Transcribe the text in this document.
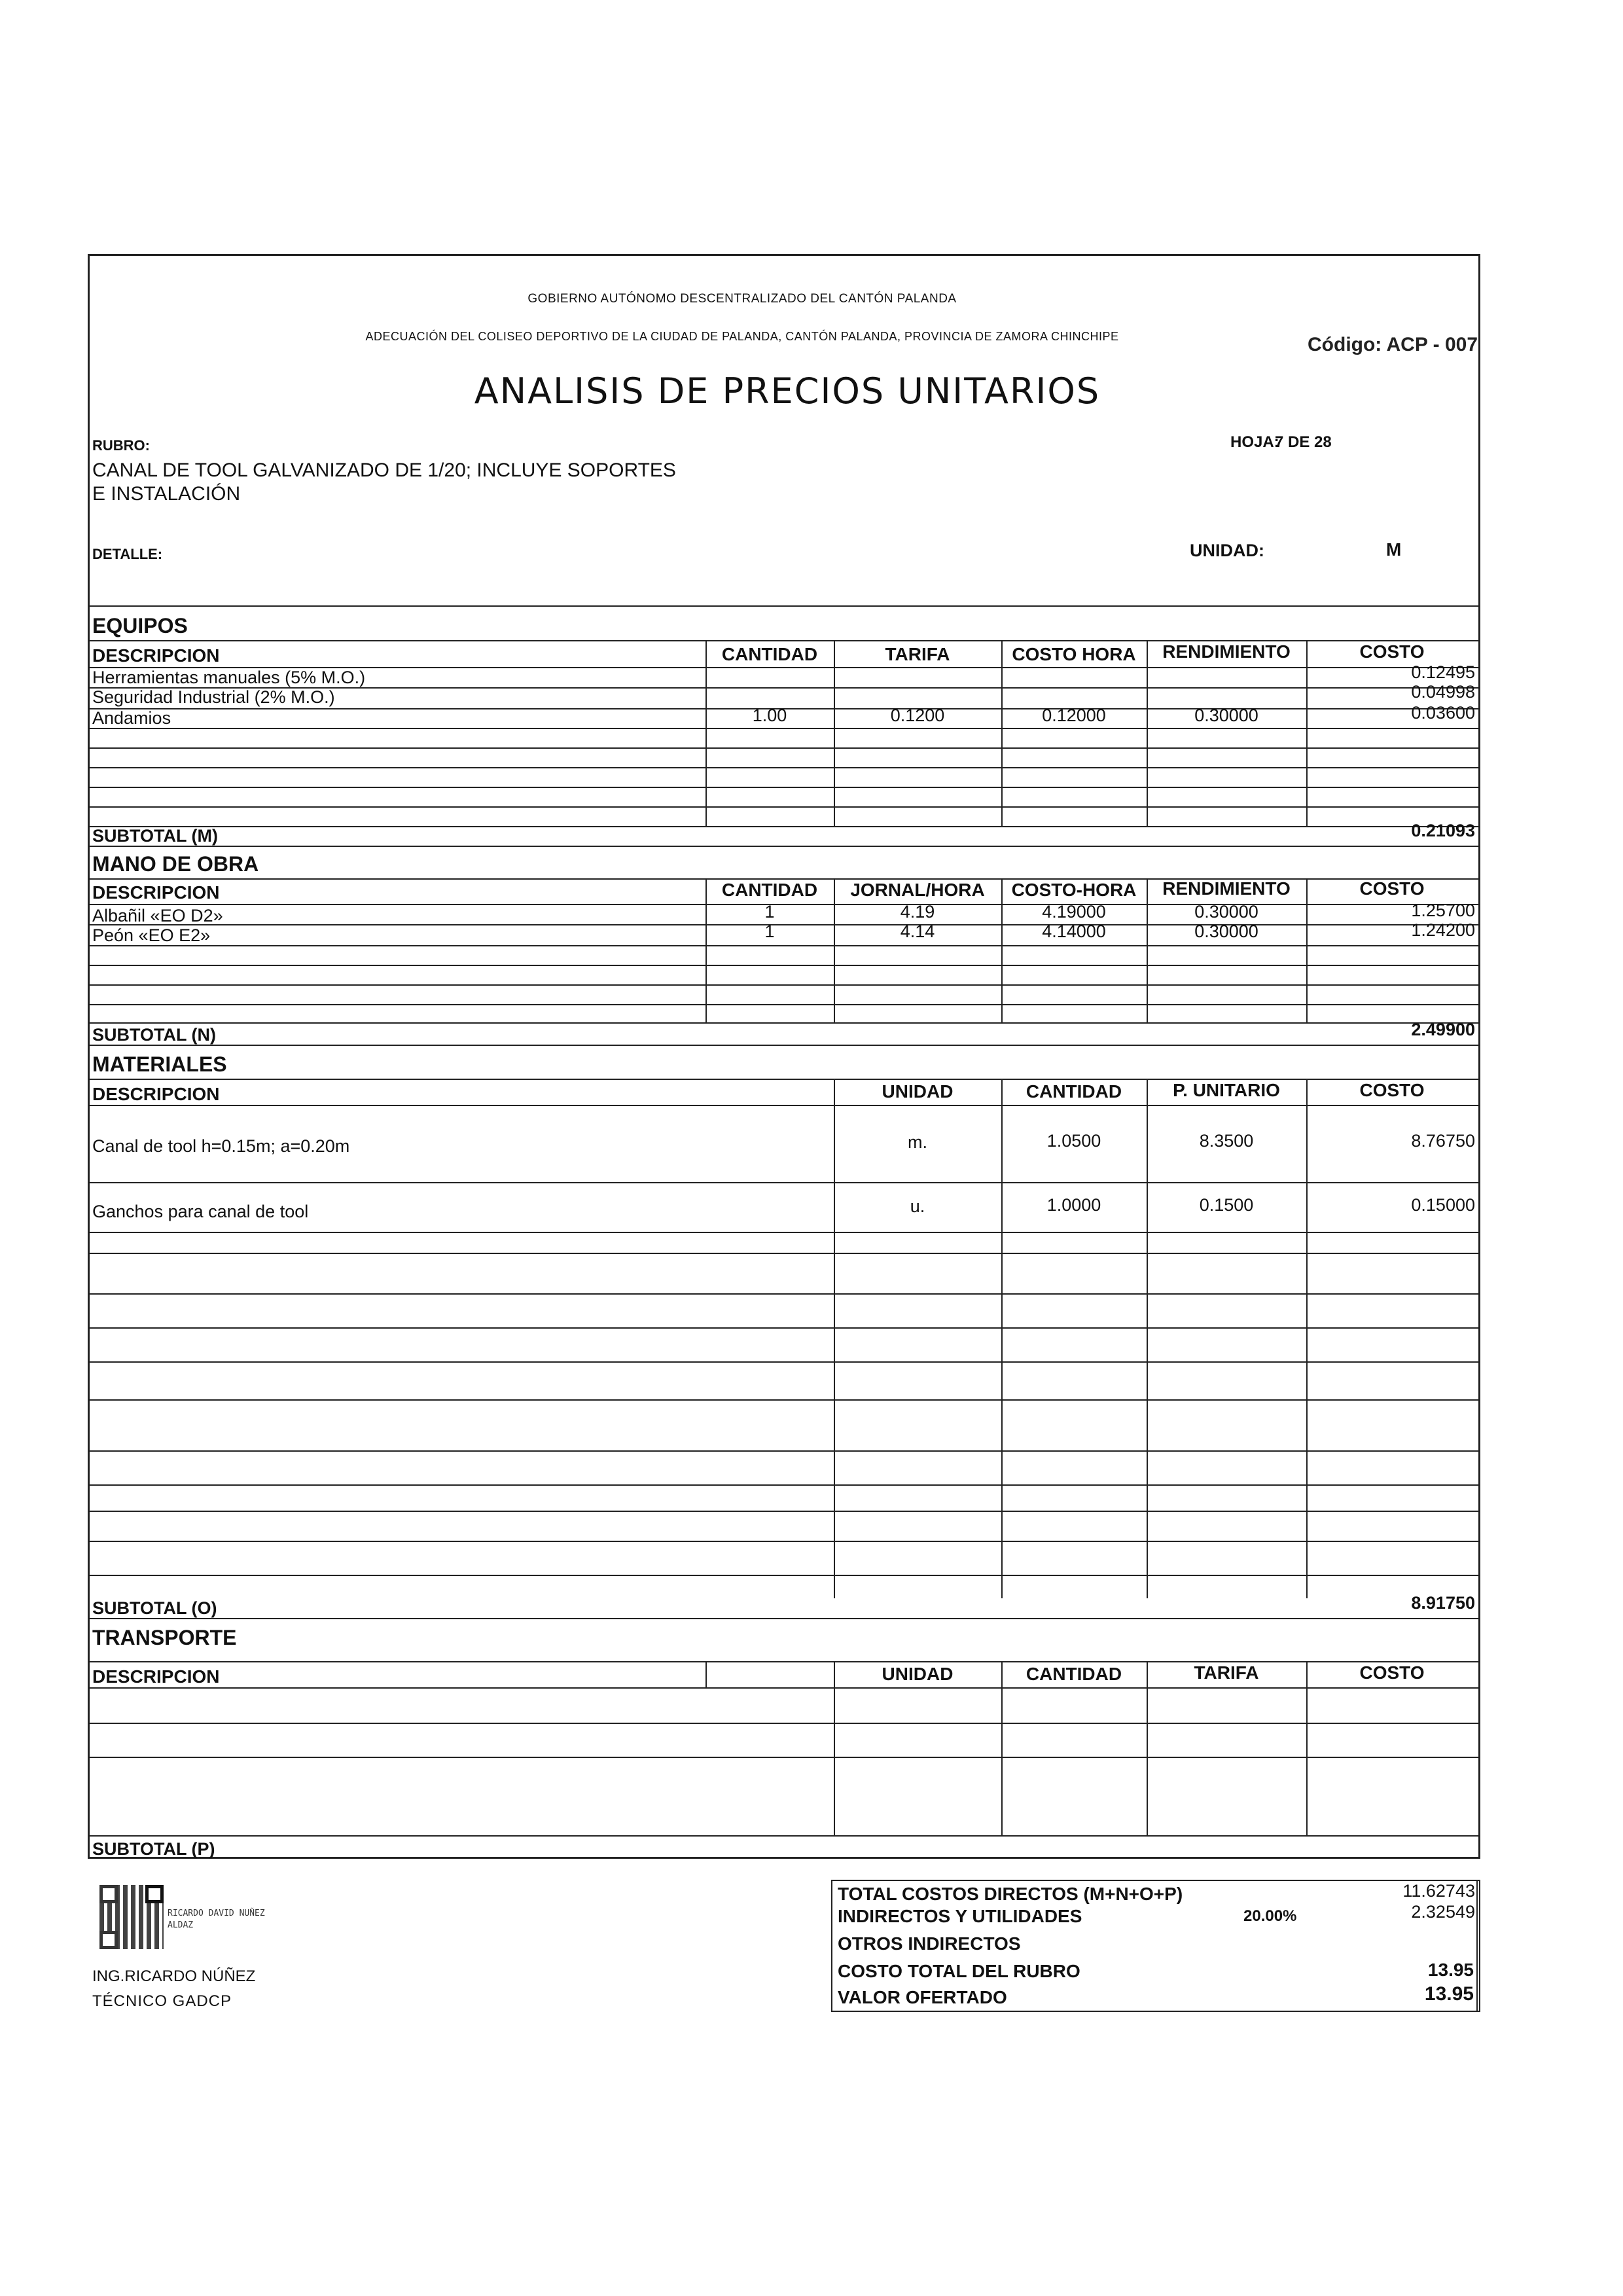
GOBIERNO AUTÓNOMO DESCENTRALIZADO DEL CANTÓN PALANDA
ADECUACIÓN DEL COLISEO DEPORTIVO DE LA CIUDAD DE PALANDA, CANTÓN PALANDA, PROVINCIA DE ZAMORA CHINCHIPE	Código: ACP - 007
ANALISIS DE PRECIOS UNITARIOS
RUBRO:	HOJA:
7 DE 28
CANAL DE TOOL GALVANIZADO DE 1/20; INCLUYE SOPORTES
E INSTALACIÓN
DETALLE:	UNIDAD:	M
EQUIPOS
DESCRIPCION	CANTIDAD	TARIFA	COSTO HORA	RENDIMIENTO	COSTO
Herramientas manuales (5% M.O.)	0.12495
Seguridad Industrial (2% M.O.)	0.04998
Andamios	1.00	0.1200	0.12000	0.30000	0.03600
SUBTOTAL (M)	0.21093
MANO DE OBRA
DESCRIPCION	CANTIDAD	JORNAL/HORA	COSTO-HORA	RENDIMIENTO	COSTO
Albañil «EO D2»	1	4.19	4.19000	0.30000	1.25700
Peón «EO E2»	1	4.14	4.14000	0.30000	1.24200
SUBTOTAL (N)	2.49900
MATERIALES
DESCRIPCION	UNIDAD	CANTIDAD	P. UNITARIO	COSTO
Canal de tool h=0.15m; a=0.20m	m.	1.0500	8.3500	8.76750
Ganchos para canal de tool	u.	1.0000	0.1500	0.15000
SUBTOTAL (O)	8.91750
TRANSPORTE
DESCRIPCION	UNIDAD	CANTIDAD	TARIFA	COSTO
SUBTOTAL (P)
TOTAL COSTOS DIRECTOS (M+N+O+P)	11.62743
INDIRECTOS Y UTILIDADES	20.00%	2.32549
OTROS INDIRECTOS
COSTO TOTAL DEL RUBRO	13.95
VALOR OFERTADO	13.95
RICARDO DAVID NUÑEZ
ALDAZ
ING.RICARDO NÚÑEZ
TÉCNICO GADCP
